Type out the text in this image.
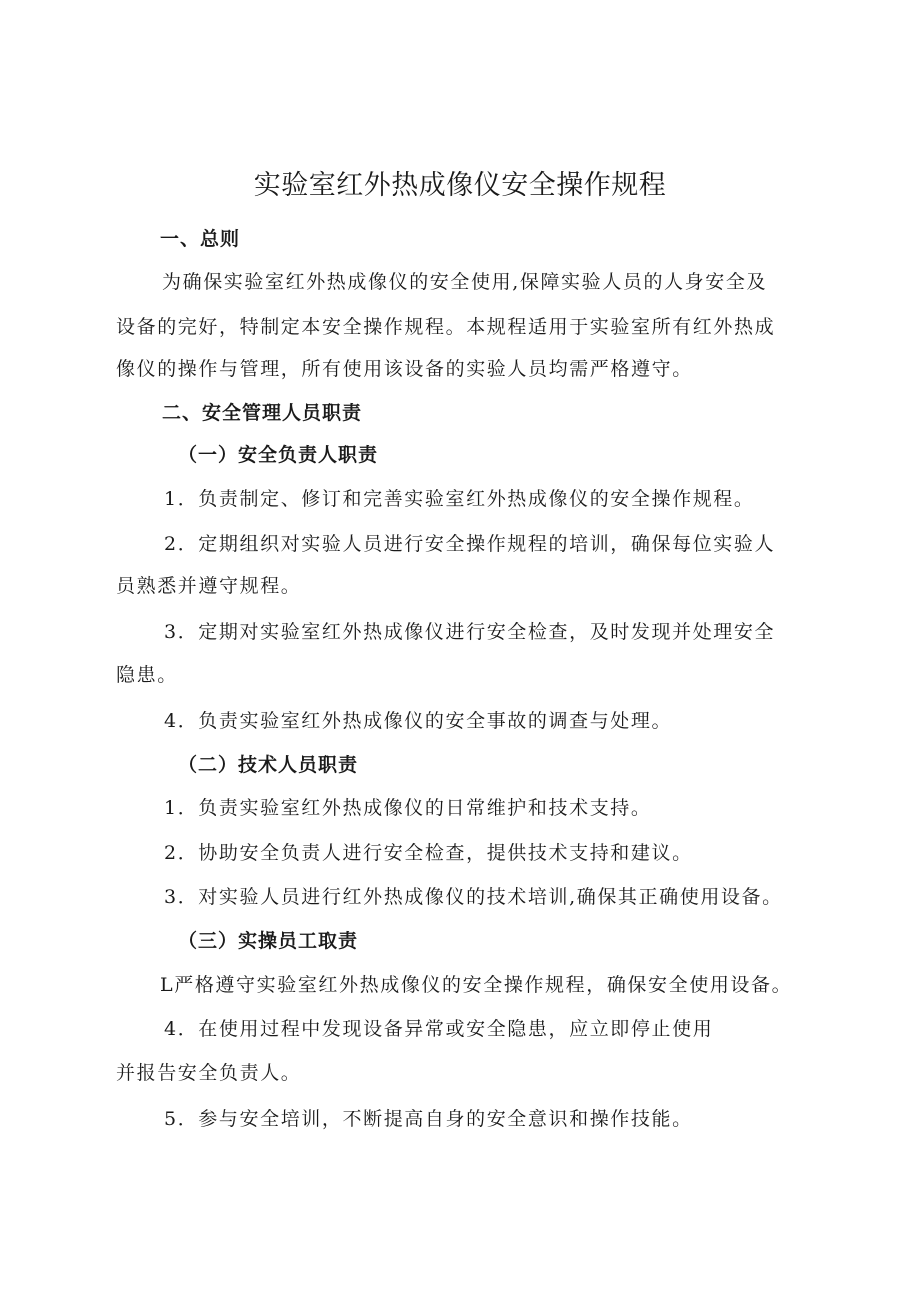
实验室红外热成像仪安全操作规程
一、总则
为确保实验室红外热成像仪的安全使用,保障实验人员的人身安全及
设备的完好，特制定本安全操作规程。本规程适用于实验室所有红外热成
像仪的操作与管理，所有使用该设备的实验人员均需严格遵守。
二、安全管理人员职责
（一）安全负责人职责
1．负责制定、修订和完善实验室红外热成像仪的安全操作规程。
2．定期组织对实验人员进行安全操作规程的培训，确保每位实验人
员熟悉并遵守规程。
3．定期对实验室红外热成像仪进行安全检查，及时发现并处理安全
隐患。
4．负责实验室红外热成像仪的安全事故的调查与处理。
（二）技术人员职责
1．负责实验室红外热成像仪的日常维护和技术支持。
2．协助安全负责人进行安全检查，提供技术支持和建议。
3．对实验人员进行红外热成像仪的技术培训,确保其正确使用设备。
（三）实操员工取责
L严格遵守实验室红外热成像仪的安全操作规程，确保安全使用设备。
4．在使用过程中发现设备异常或安全隐患，应立即停止使用
并报告安全负责人。
5．参与安全培训，不断提高自身的安全意识和操作技能。
